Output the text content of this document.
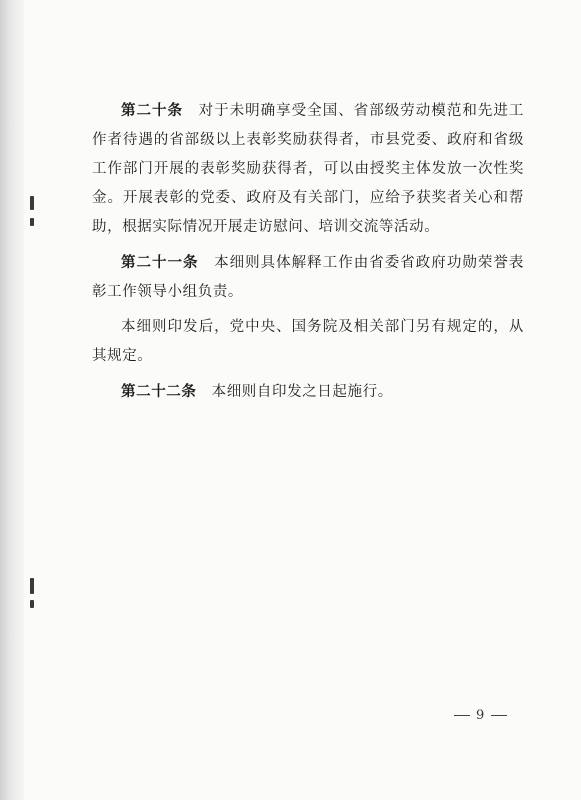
第二十条　 对于未明确享受全国、省部级劳动模范和先进工作者待遇的省部级以上表彰奖励获得者，市县党委、政府和省级工作部门开展的表彰奖励获得者，可以由授奖主体发放一次性奖金。开展表彰的党委、政府及有关部门，应给予获奖者关心和帮助，根据实际情况开展走访慰问、培训交流等活动。

第二十一条　 本细则具体解释工作由省委省政府功勋荣誉表彰工作领导小组负责。

本细则印发后，党中央、国务院及相关部门另有规定的，从其规定。

第二十二条　 本细则自印发之日起施行。

9
